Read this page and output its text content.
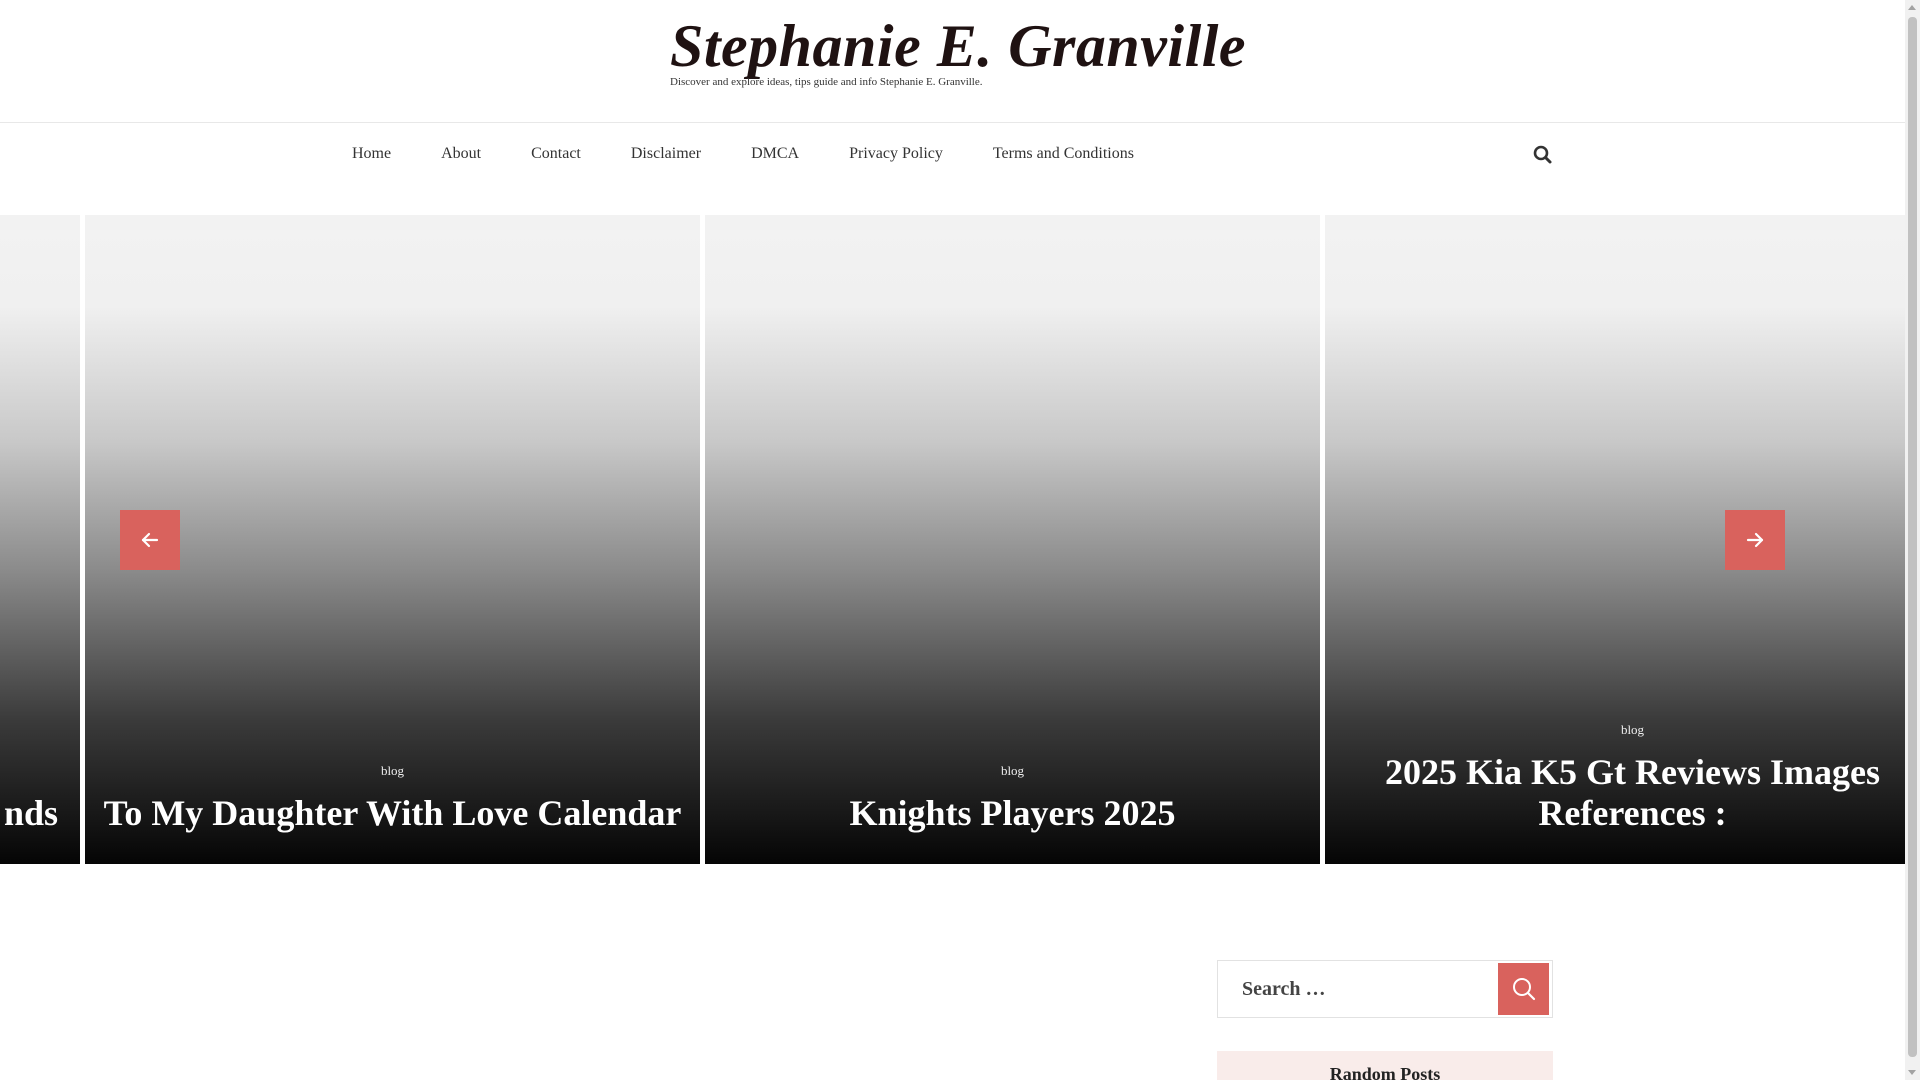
Stephanie E. Granville
Discover and explore ideas, tips guide and info Stephanie E. Granville.
Home	About	Contact	Disclaimer	DMCA	Privacy Policy	Terms and Conditions
nds
blog
To My Daughter With Love Calendar
blog
Knights Players 2025
blog
2025 Kia K5 Gt Reviews Images References :
Search …
Random Posts
